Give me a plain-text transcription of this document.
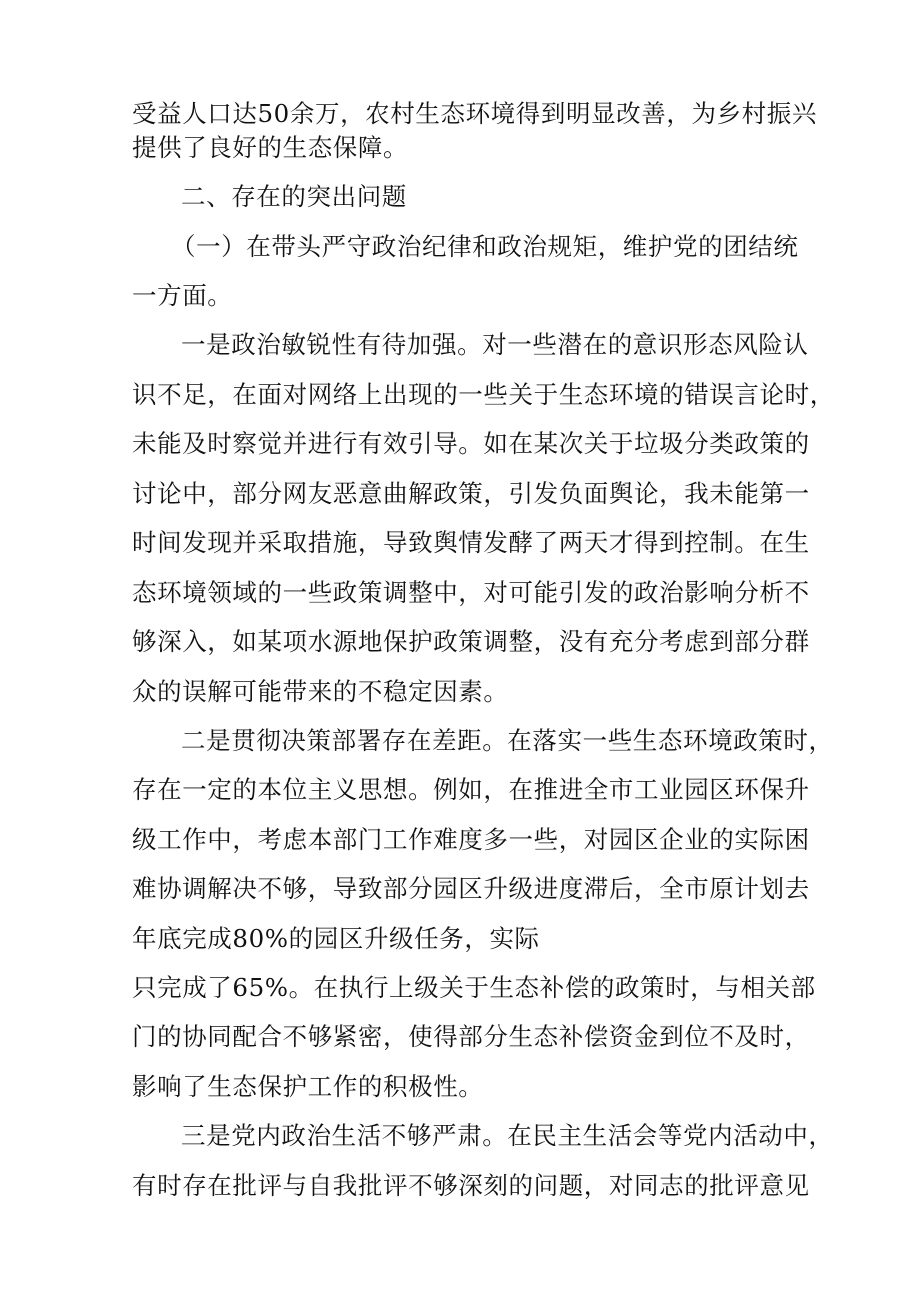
受益人口达50余万，农村生态环境得到明显改善，为乡村振兴
提供了良好的生态保障。
二、存在的突出问题
（一）在带头严守政治纪律和政治规矩，维护党的团结统
一方面。
一是政治敏锐性有待加强。对一些潜在的意识形态风险认
识不足，在面对网络上出现的一些关于生态环境的错误言论时，
未能及时察觉并进行有效引导。如在某次关于垃圾分类政策的
讨论中，部分网友恶意曲解政策，引发负面舆论，我未能第一
时间发现并采取措施，导致舆情发酵了两天才得到控制。在生
态环境领域的一些政策调整中，对可能引发的政治影响分析不
够深入，如某项水源地保护政策调整，没有充分考虑到部分群
众的误解可能带来的不稳定因素。
二是贯彻决策部署存在差距。在落实一些生态环境政策时，
存在一定的本位主义思想。例如，在推进全市工业园区环保升
级工作中，考虑本部门工作难度多一些，对园区企业的实际困
难协调解决不够，导致部分园区升级进度滞后，全市原计划去
年底完成80%的园区升级任务，实际
只完成了65%。在执行上级关于生态补偿的政策时，与相关部
门的协同配合不够紧密，使得部分生态补偿资金到位不及时，
影响了生态保护工作的积极性。
三是党内政治生活不够严肃。在民主生活会等党内活动中，
有时存在批评与自我批评不够深刻的问题，对同志的批评意见
